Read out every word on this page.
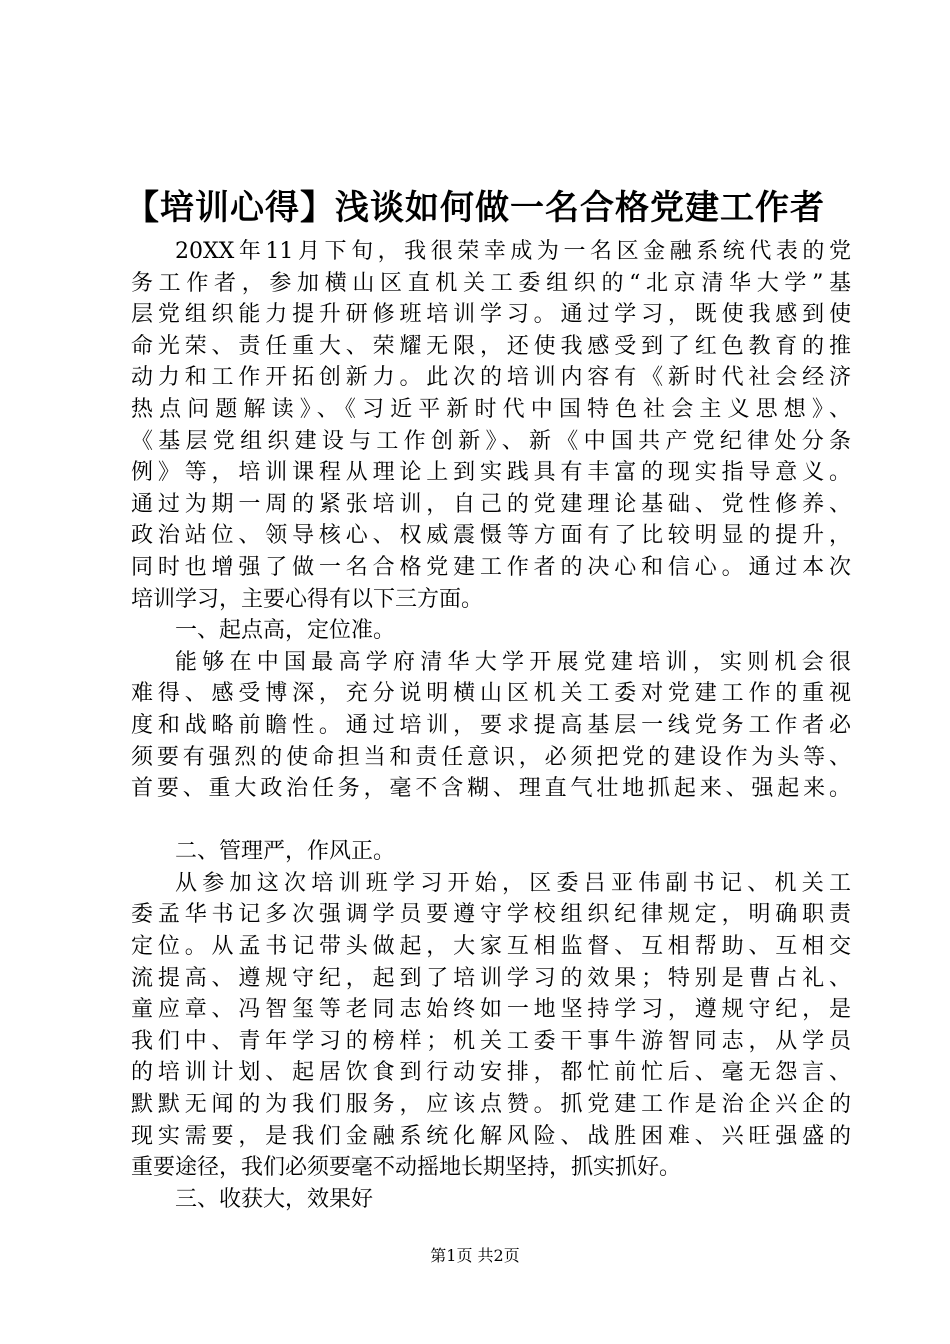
【培训心得】浅谈如何做一名合格党建工作者
20XX年11月下旬，我很荣幸成为一名区金融系统代表的党
务工作者，参加横山区直机关工委组织的“北京清华大学”基
层党组织能力提升研修班培训学习。通过学习，既使我感到使
命光荣、责任重大、荣耀无限，还使我感受到了红色教育的推
动力和工作开拓创新力。此次的培训内容有《新时代社会经济
热点问题解读》、《习近平新时代中国特色社会主义思想》、
《基层党组织建设与工作创新》、新《中国共产党纪律处分条
例》等，培训课程从理论上到实践具有丰富的现实指导意义。
通过为期一周的紧张培训，自己的党建理论基础、党性修养、
政治站位、领导核心、权威震慑等方面有了比较明显的提升，
同时也增强了做一名合格党建工作者的决心和信心。通过本次
培训学习，主要心得有以下三方面。
一、起点高，定位准。
能够在中国最高学府清华大学开展党建培训，实则机会很
难得、感受博深，充分说明横山区机关工委对党建工作的重视
度和战略前瞻性。通过培训，要求提高基层一线党务工作者必
须要有强烈的使命担当和责任意识，必须把党的建设作为头等、
首要、重大政治任务，毫不含糊、理直气壮地抓起来、强起来。
二、管理严，作风正。
从参加这次培训班学习开始，区委吕亚伟副书记、机关工
委孟华书记多次强调学员要遵守学校组织纪律规定，明确职责
定位。从孟书记带头做起，大家互相监督、互相帮助、互相交
流提高、遵规守纪，起到了培训学习的效果；特别是曹占礼、
童应章、冯智玺等老同志始终如一地坚持学习，遵规守纪，是
我们中、青年学习的榜样；机关工委干事牛游智同志，从学员
的培训计划、起居饮食到行动安排，都忙前忙后、毫无怨言、
默默无闻的为我们服务，应该点赞。抓党建工作是治企兴企的
现实需要，是我们金融系统化解风险、战胜困难、兴旺强盛的
重要途径，我们必须要毫不动摇地长期坚持，抓实抓好。
三、收获大，效果好
第1页 共2页
